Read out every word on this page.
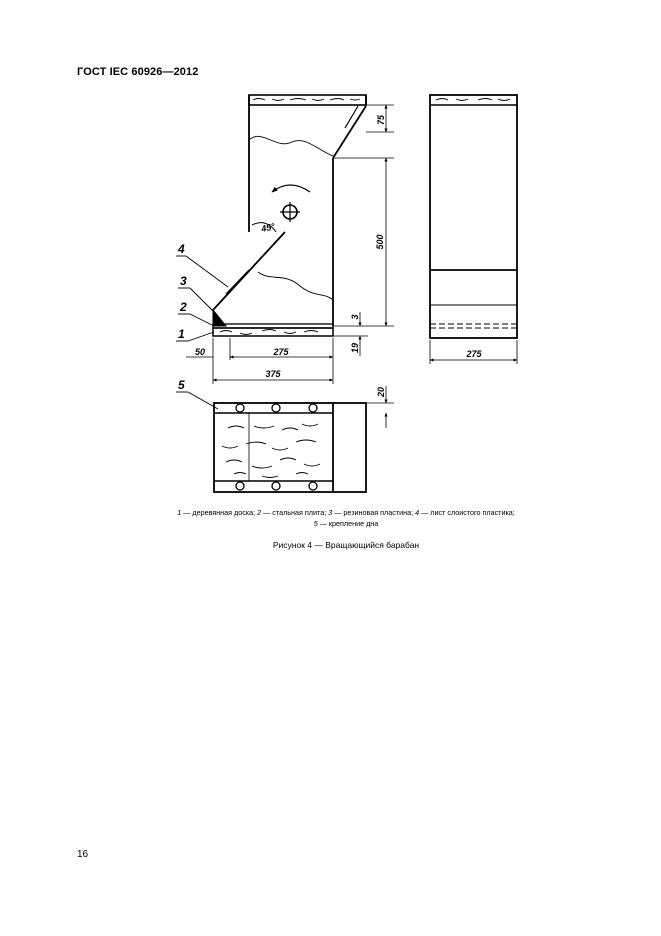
ГОСТ IEC 60926—2012
45°
75
500
3
19
50	275
375
4
3
2
1
5
275
20
1 — деревянная доска; 2 — стальная плита; 3 — резиновая пластина; 4 — лист слоистого пластика;
5 — крепление дна
Рисунок 4 — Вращающийся барабан
16
